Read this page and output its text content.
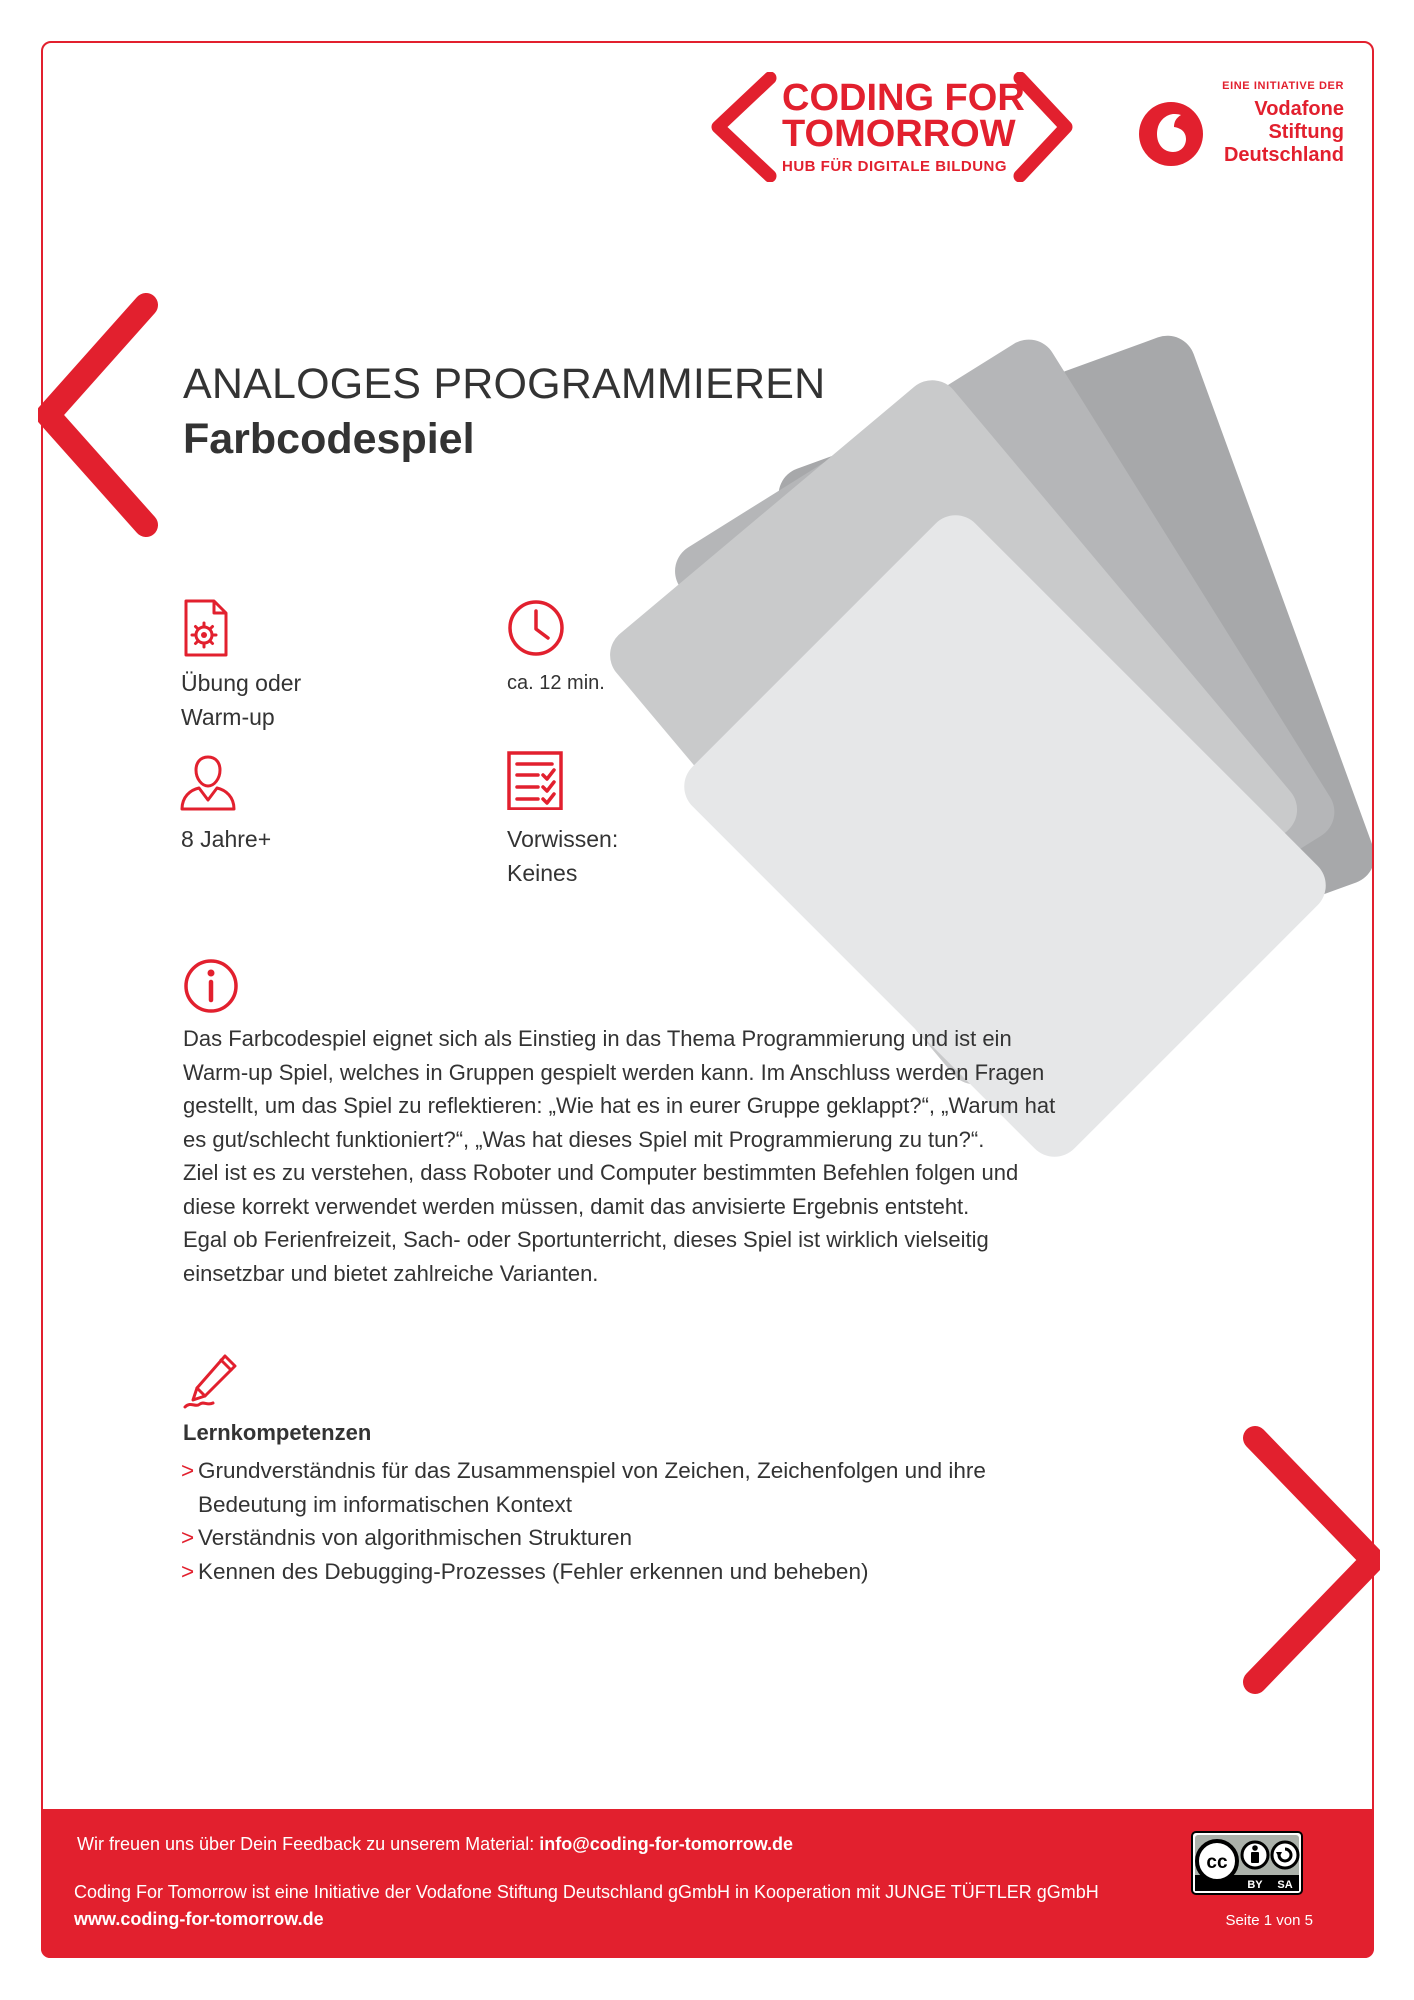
CODING FOR
TOMORROW
HUB FÜR DIGITALE BILDUNG
EINE INITIATIVE DER
Vodafone
Stiftung
Deutschland
ANALOGES PROGRAMMIEREN
Farbcodespiel
Übung oder
Warm-up
ca. 12 min.
8 Jahre+	Vorwissen:
Keines

Das Farbcodespiel eignet sich als Einstieg in das Thema Programmierung und ist ein

Warm-up Spiel, welches in Gruppen gespielt werden kann. Im Anschluss werden Fragen

gestellt, um das Spiel zu reflektieren: „Wie hat es in eurer Gruppe geklappt?“, „Warum hat

es gut/schlecht funktioniert?“, „Was hat dieses Spiel mit Programmierung zu tun?“.

Ziel ist es zu verstehen, dass Roboter und Computer bestimmten Befehlen folgen und

diese korrekt verwendet werden müssen, damit das anvisierte Ergebnis entsteht.

Egal ob Ferienfreizeit, Sach- oder Sportunterricht, dieses Spiel ist wirklich vielseitig

einsetzbar und bietet zahlreiche Varianten.

Lernkompetenzen
> Grundverständnis für das Zusammenspiel von Zeichen, Zeichenfolgen und ihre
Bedeutung im informatischen Kontext
> Verständnis von algorithmischen Strukturen
> Kennen des Debugging-Prozesses (Fehler erkennen und beheben)
Wir freuen uns über Dein Feedback zu unserem Material: info@coding-for-tomorrow.de
Coding For Tomorrow ist eine Initiative der Vodafone Stiftung Deutschland gGmbH in Kooperation mit JUNGE TÜFTLER gGmbH
www.coding-for-tomorrow.de
cc
BY SA
Seite 1 von 5
